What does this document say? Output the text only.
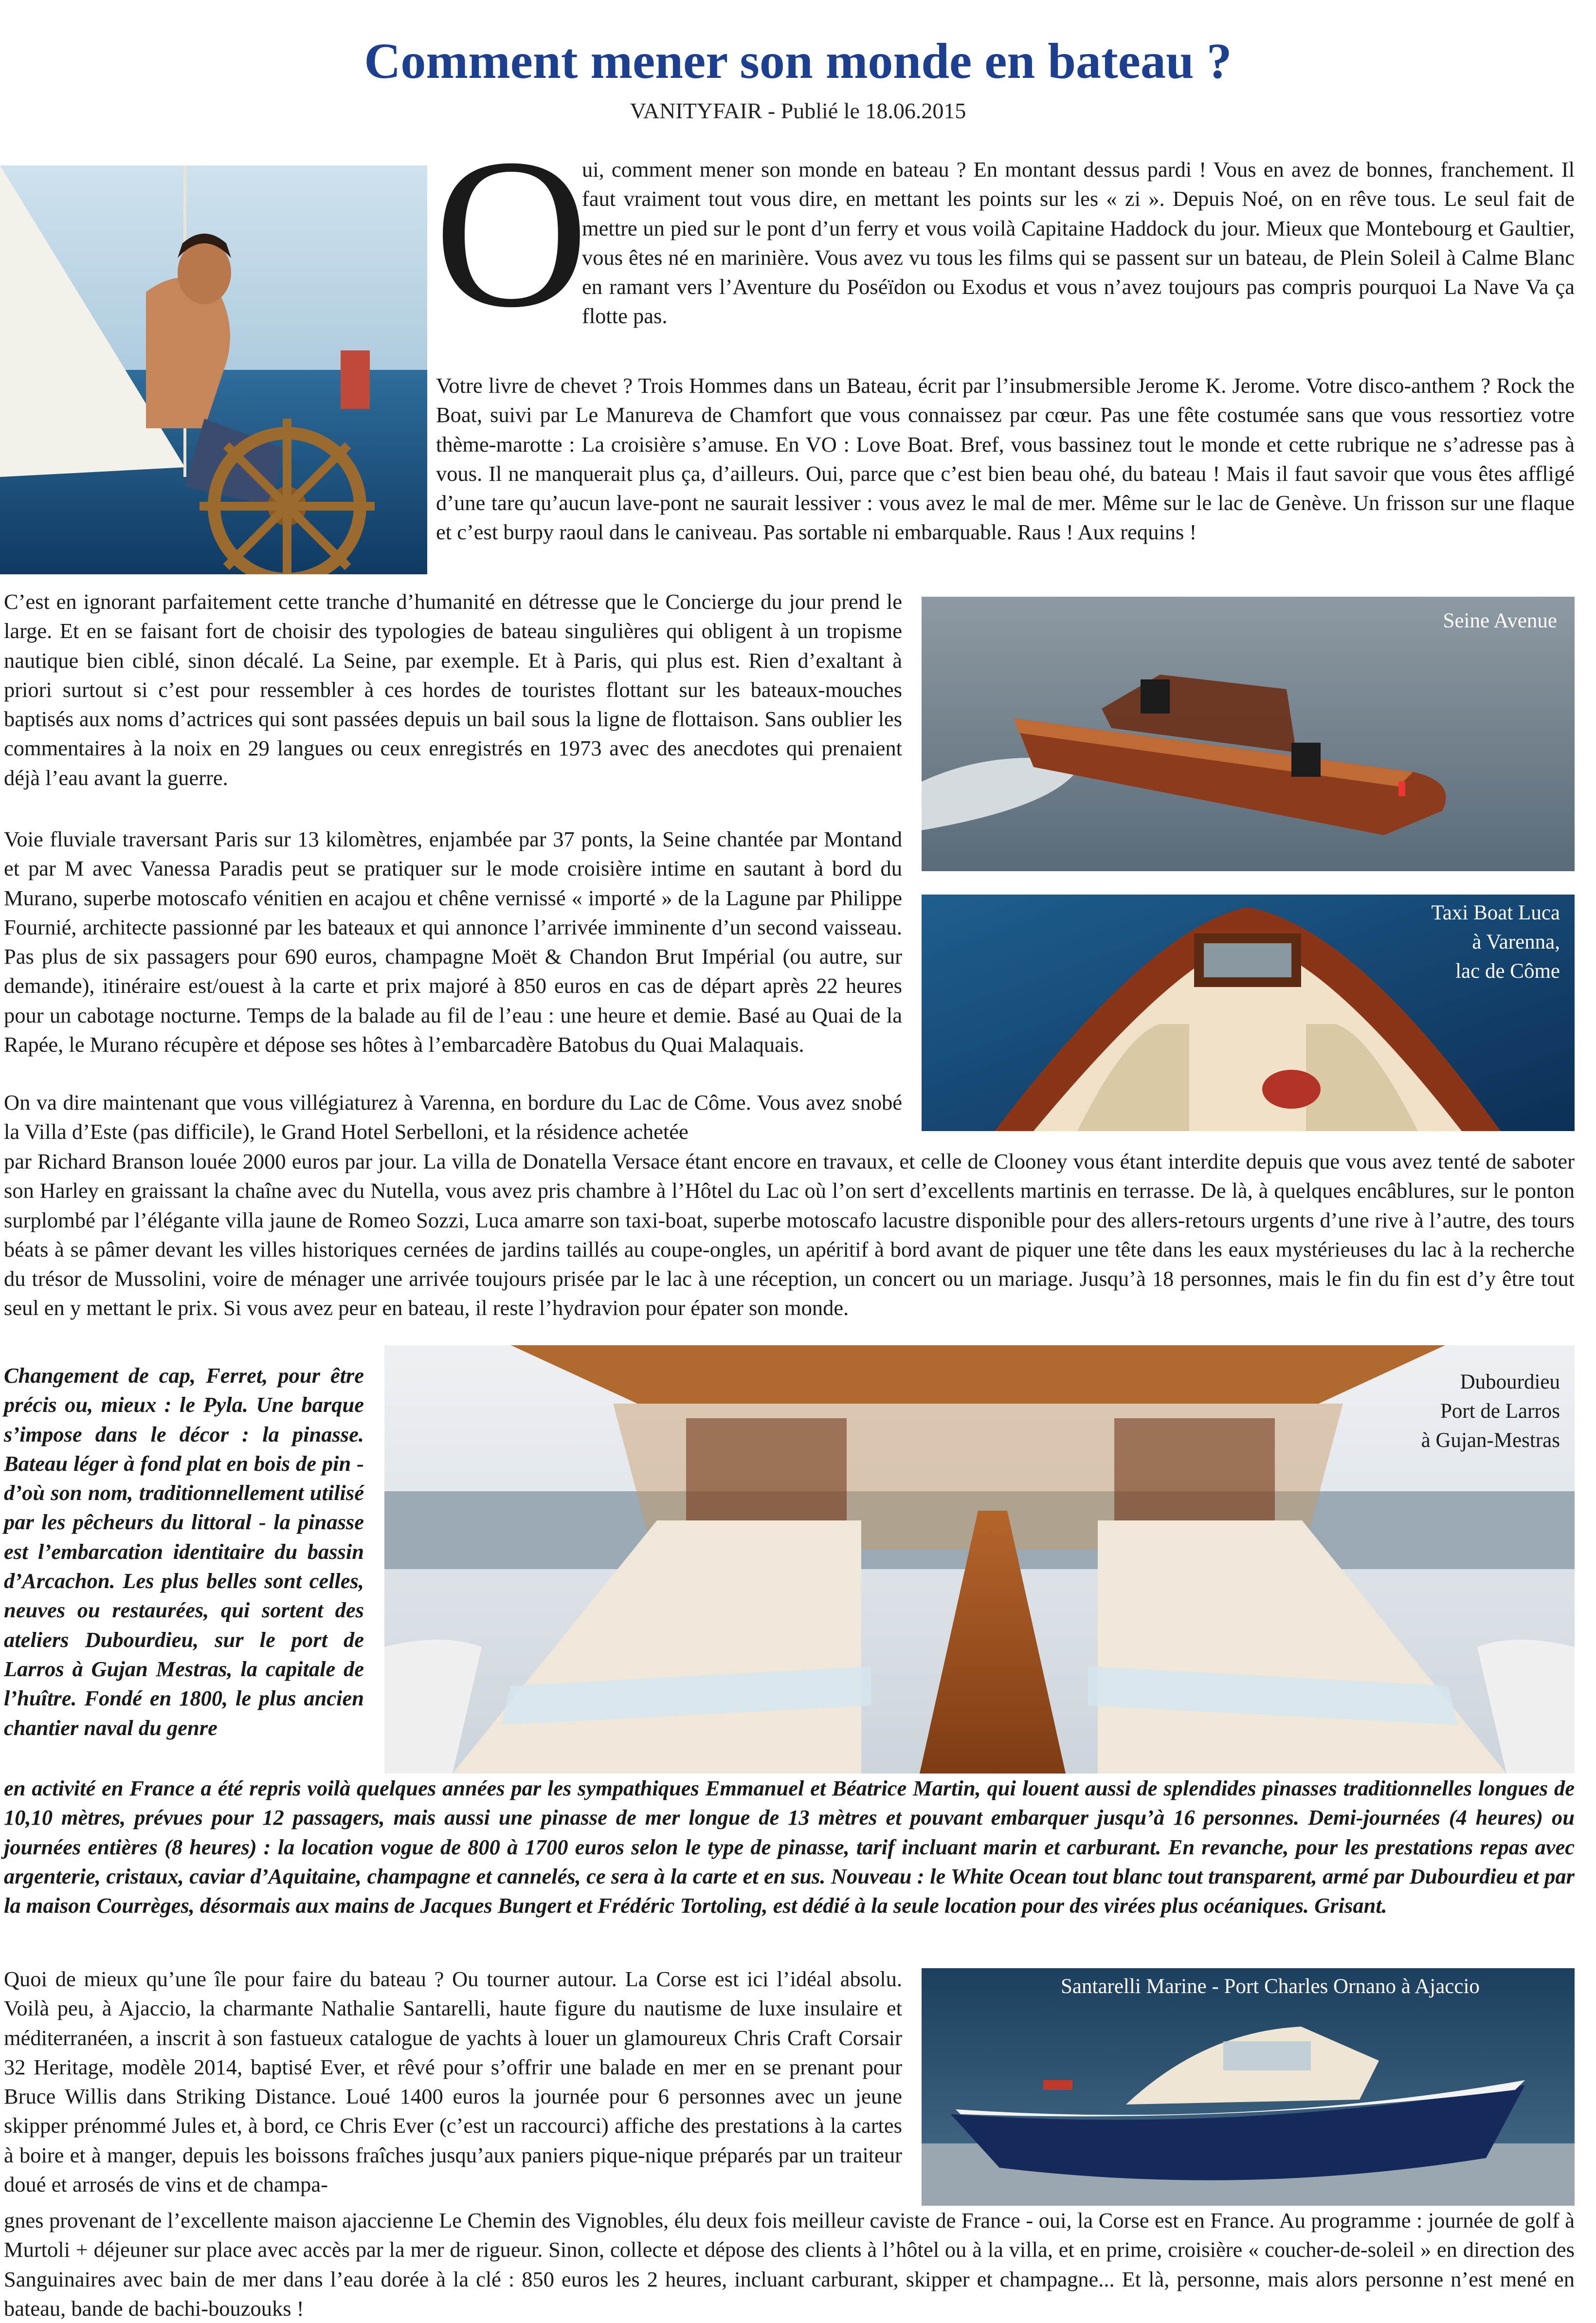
Comment mener son monde en bateau ?
VANITYFAIR - Publié le 18.06.2015
O

ui, comment mener son monde en bateau ? En montant dessus pardi ! Vous en avez de bonnes, franchement. Il faut vraiment tout vous dire, en mettant les points sur les « zi ». Depuis Noé, on en rêve tous. Le seul fait de mettre un pied sur le pont d’un ferry et vous voilà Capitaine Haddock du jour. Mieux que Montebourg et Gaultier, vous êtes né en marinière. Vous avez vu tous les films qui se passent sur un bateau, de Plein Soleil à Calme Blanc en ramant vers l’Aventure du Poséïdon ou Exodus et vous n’avez toujours pas compris pourquoi La Nave Va ça flotte pas.

Votre livre de chevet ? Trois Hommes dans un Bateau, écrit par l’insubmersible Jerome K. Jerome. Votre disco-anthem ? Rock the Boat, suivi par Le Manureva de Chamfort que vous connaissez par cœur. Pas une fête costumée sans que vous ressortiez votre thème-marotte : La croisière s’amuse. En VO : Love Boat. Bref, vous bassinez tout le monde et cette rubrique ne s’adresse pas à vous. Il ne manquerait plus ça, d’ailleurs. Oui, parce que c’est bien beau ohé, du bateau ! Mais il faut savoir que vous êtes affligé d’une tare qu’aucun lave-pont ne saurait lessiver : vous avez le mal de mer. Même sur le lac de Genève. Un frisson sur une flaque et c’est burpy raoul dans le caniveau. Pas sortable ni embarquable. Raus ! Aux requins !

Seine Avenue

C’est en ignorant parfaitement cette tranche d’humanité en détresse que le Concierge du jour prend le large. Et en se faisant fort de choisir des typologies de bateau singulières qui obligent à un tropisme nautique bien ciblé, sinon décalé. La Seine, par exemple. Et à Paris, qui plus est. Rien d’exaltant à priori surtout si c’est pour ressembler à ces hordes de touristes flottant sur les bateaux-mouches baptisés aux noms d’actrices qui sont passées depuis un bail sous la ligne de flottaison. Sans oublier les commentaires à la noix en 29 langues ou ceux enregistrés en 1973 avec des anecdotes qui prenaient déjà l’eau avant la guerre.

Voie fluviale traversant Paris sur 13 kilomètres, enjambée par 37 ponts, la Seine chantée par Montand et par M avec Vanessa Paradis peut se pratiquer sur le mode croisière intime en sautant à bord du Murano, superbe motoscafo vénitien en acajou et chêne vernissé « importé » de la Lagune par Philippe Fournié, architecte passionné par les bateaux et qui annonce l’arrivée imminente d’un second vaisseau. Pas plus de six passagers pour 690 euros, champagne Moët & Chandon Brut Impérial (ou autre, sur demande), itinéraire est/ouest à la carte et prix majoré à 850 euros en cas de départ après 22 heures pour un cabotage nocturne. Temps de la balade au fil de l’eau : une heure et demie. Basé au Quai de la Rapée, le Murano récupère et dépose ses hôtes à l’embarcadère Batobus du Quai Malaquais.

Taxi Boat Luca
à Varenna,
lac de Côme

On va dire maintenant que vous villégiaturez à Varenna, en bordure du Lac de Côme. Vous avez snobé la Villa d’Este (pas difficile), le Grand Hotel Serbelloni, et la résidence achetée

par Richard Branson louée 2000 euros par jour. La villa de Donatella Versace étant encore en travaux, et celle de Clooney vous étant interdite depuis que vous avez tenté de saboter son Harley en graissant la chaîne avec du Nutella, vous avez pris chambre à l’Hôtel du Lac où l’on sert d’excellents martinis en terrasse. De là, à quelques encâblures, sur le ponton surplombé par l’élégante villa jaune de Romeo Sozzi, Luca amarre son taxi-boat, superbe motoscafo lacustre disponible pour des allers-retours urgents d’une rive à l’autre, des tours béats à se pâmer devant les villes historiques cernées de jardins taillés au coupe-ongles, un apéritif à bord avant de piquer une tête dans les eaux mystérieuses du lac à la recherche du trésor de Mussolini, voire de ménager une arrivée toujours prisée par le lac à une réception, un concert ou un mariage. Jusqu’à 18 personnes, mais le fin du fin est d’y être tout seul en y mettant le prix. Si vous avez peur en bateau, il reste l’hydravion pour épater son monde.

Dubourdieu
Port de Larros
à Gujan-Mestras

Changement de cap, Ferret, pour être précis ou, mieux : le Pyla. Une barque s’impose dans le décor : la pinasse. Bateau léger à fond plat en bois de pin - d’où son nom, traditionnellement utilisé par les pêcheurs du littoral - la pinasse est l’embarcation identitaire du bassin d’Arcachon. Les plus belles sont celles, neuves ou restaurées, qui sortent des ateliers Dubourdieu, sur le port de Larros à Gujan Mestras, la capitale de l’huître. Fondé en 1800, le plus ancien chantier naval du genre

en activité en France a été repris voilà quelques années par les sympathiques Emmanuel et Béatrice Martin, qui louent aussi de splendides pinasses traditionnelles longues de 10,10 mètres, prévues pour 12 passagers, mais aussi une pinasse de mer longue de 13 mètres et pouvant embarquer jusqu’à 16 personnes. Demi-journées (4 heures) ou journées entières (8 heures) : la location vogue de 800 à 1700 euros selon le type de pinasse, tarif incluant marin et carburant. En revanche, pour les prestations repas avec argenterie, cristaux, caviar d’Aquitaine, champagne et cannelés, ce sera à la carte et en sus. Nouveau : le White Ocean tout blanc tout transparent, armé par Dubourdieu et par la maison Courrèges, désormais aux mains de Jacques Bungert et Frédéric Tortoling, est dédié à la seule location pour des virées plus océaniques. Grisant.

Santarelli Marine - Port Charles Ornano à Ajaccio

Quoi de mieux qu’une île pour faire du bateau ? Ou tourner autour. La Corse est ici l’idéal absolu. Voilà peu, à Ajaccio, la charmante Nathalie Santarelli, haute figure du nautisme de luxe insulaire et méditerranéen, a inscrit à son fastueux catalogue de yachts à louer un glamoureux Chris Craft Corsair 32 Heritage, modèle 2014, baptisé Ever, et rêvé pour s’offrir une balade en mer en se prenant pour Bruce Willis dans Striking Distance. Loué 1400 euros la journée pour 6 personnes avec un jeune skipper prénommé Jules et, à bord, ce Chris Ever (c’est un raccourci) affiche des prestations à la cartes à boire et à manger, depuis les boissons fraîches jusqu’aux paniers pique-nique préparés par un traiteur doué et arrosés de vins et de champa-

gnes provenant de l’excellente maison ajaccienne Le Chemin des Vignobles, élu deux fois meilleur caviste de France - oui, la Corse est en France. Au programme : journée de golf à Murtoli + déjeuner sur place avec accès par la mer de rigueur. Sinon, collecte et dépose des clients à l’hôtel ou à la villa, et en prime, croisière « coucher-de-soleil » en direction des Sanguinaires avec bain de mer dans l’eau dorée à la clé : 850 euros les 2 heures, incluant carburant, skipper et champagne... Et là, personne, mais alors personne n’est mené en bateau, bande de bachi-bouzouks !
